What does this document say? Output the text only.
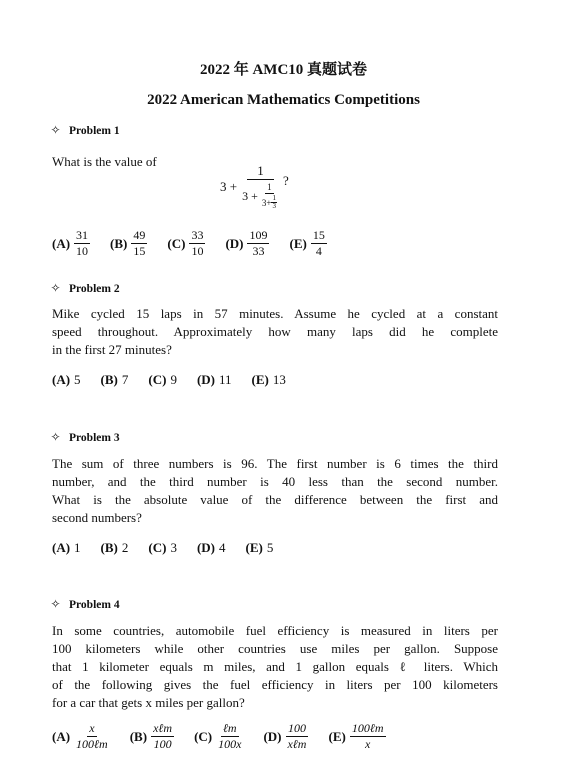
2022 年 AMC10 真题试卷
2022 American Mathematics Competitions
✧ Problem 1
What is the value of
3 +
1
$3 + \frac{1}{3+ \frac{1}{3}}$
?
$(A) \frac{31}{10} (B) \frac{49}{15} (C) \frac{33}{10} (D) \frac{109}{33} (E) \frac{15}{4}$
✧ Problem 2
Mike cycled 15 laps in 57 minutes. Assume he cycled at a constant
speed throughout. Approximately how many laps did he complete
in the first 27 minutes?
(A) 5 (B) 7 (C) 9 (D) 11 (E) 13
✧ Problem 3
The sum of three numbers is 96. The first number is 6 times the third
number, and the third number is 40 less than the second number.
What is the absolute value of the difference between the first and
second numbers?
(A) 1 (B) 2 (C) 3 (D) 4 (E) 5
✧ Problem 4
In some countries, automobile fuel efficiency is measured in liters per
100 kilometers while other countries use miles per gallon. Suppose
that 1 kilometer equals m miles, and 1 gallon equals ℓ liters. Which
of the following gives the fuel efficiency in liters per 100 kilometers
for a car that gets x miles per gallon?
$(A) \frac{x}{\text{100ℓm}} (B) \frac{\text{xℓm}}{100} (C) \frac{\text{ℓm}}{100x} (D) \frac{100}{\text{xℓm}} (E) \frac{\text{100ℓm}}{x}$
